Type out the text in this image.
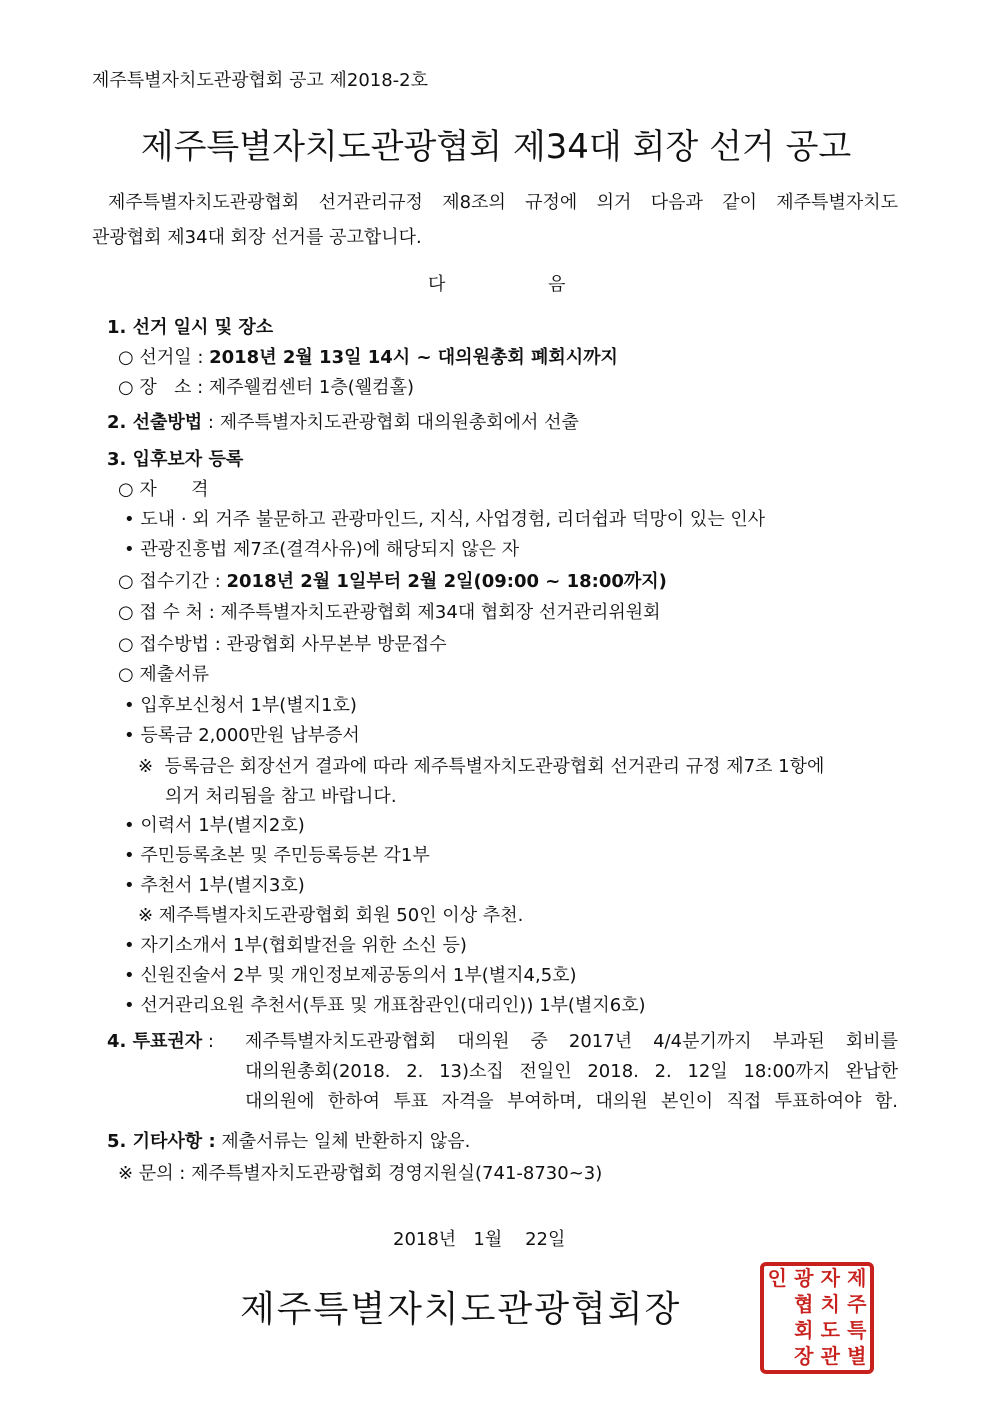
제주특별자치도관광협회 공고 제2018-2호
제주특별자치도관광협회 제34대 회장 선거 공고
제주특별자치도관광협회 선거관리규정 제8조의 규정에 의거 다음과 같이 제주특별자치도
관광협회 제34대 회장 선거를 공고합니다.
다	음
1. 선거 일시 및 장소
○ 선거일 : 2018년 2월 13일 14시 ~ 대의원총회 폐회시까지
○ 장   소 : 제주웰컴센터 1층(웰컴홀)
2. 선출방법 : 제주특별자치도관광협회 대의원총회에서 선출
3. 입후보자 등록
○ 자      격
• 도내 · 외 거주 불문하고 관광마인드, 지식, 사업경험, 리더쉽과 덕망이 있는 인사
• 관광진흥법 제7조(결격사유)에 해당되지 않은 자
○ 접수기간 : 2018년 2월 1일부터 2월 2일(09:00 ~ 18:00까지)
○ 접 수 처 : 제주특별자치도관광협회 제34대 협회장 선거관리위원회
○ 접수방법 : 관광협회 사무본부 방문접수
○ 제출서류
• 입후보신청서 1부(별지1호)
• 등록금 2,000만원 납부증서
※  등록금은 회장선거 결과에 따라 제주특별자치도관광협회 선거관리 규정 제7조 1항에
의거 처리됨을 참고 바랍니다.
• 이력서 1부(별지2호)
• 주민등록초본 및 주민등록등본 각1부
• 추천서 1부(별지3호)
※ 제주특별자치도관광협회 회원 50인 이상 추천.
• 자기소개서 1부(협회발전을 위한 소신 등)
• 신원진술서 2부 및 개인정보제공동의서 1부(별지4,5호)
• 선거관리요원 추천서(투표 및 개표참관인(대리인)) 1부(별지6호)
4. 투표권자 : 제주특별자치도관광협회 대의원 중 2017년 4/4분기까지 부과된 회비를
대의원총회(2018. 2. 13)소집 전일인 2018. 2. 12일 18:00까지 완납한
대의원에 한하여 투표 자격을 부여하며, 대의원 본인이 직접 투표하여야 함.
5. 기타사항 : 제출서류는 일체 반환하지 않음.
※ 문의 : 제주특별자치도관광협회 경영지원실(741-8730~3)
2018년   1월    22일
제주특별자치도관광협회장
인 광 자 제
협 치 주
회 도 특
장 관 별
